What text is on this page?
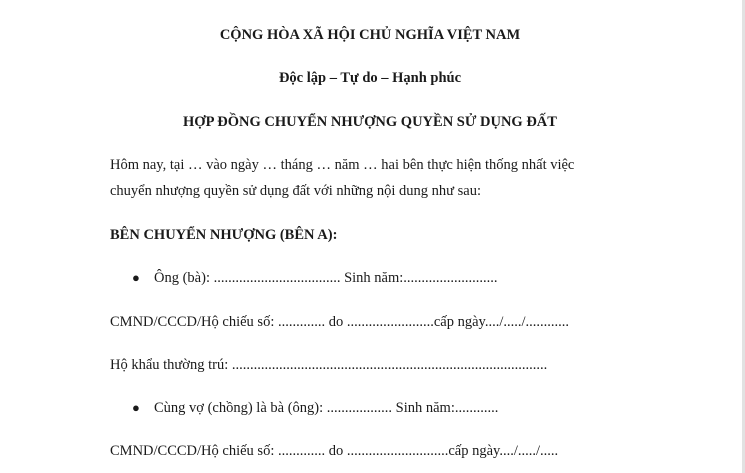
CỘNG HÒA XÃ HỘI CHỦ NGHĨA VIỆT NAM
Độc lập – Tự do – Hạnh phúc
HỢP ĐỒNG CHUYỂN NHƯỢNG QUYỀN SỬ DỤNG ĐẤT
Hôm nay, tại … vào ngày … tháng … năm … hai bên thực hiện thống nhất việc
chuyển nhượng quyền sử dụng đất với những nội dung như sau:
BÊN CHUYỂN NHƯỢNG (BÊN A):
● Ông (bà): ................................... Sinh năm:..........................
CMND/CCCD/Hộ chiếu số: ............. do ........................cấp ngày..../...../............
Hộ khẩu thường trú: .......................................................................................
● Cùng vợ (chồng) là bà (ông): .................. Sinh năm:............
CMND/CCCD/Hộ chiếu số: ............. do ............................cấp ngày..../...../.....
